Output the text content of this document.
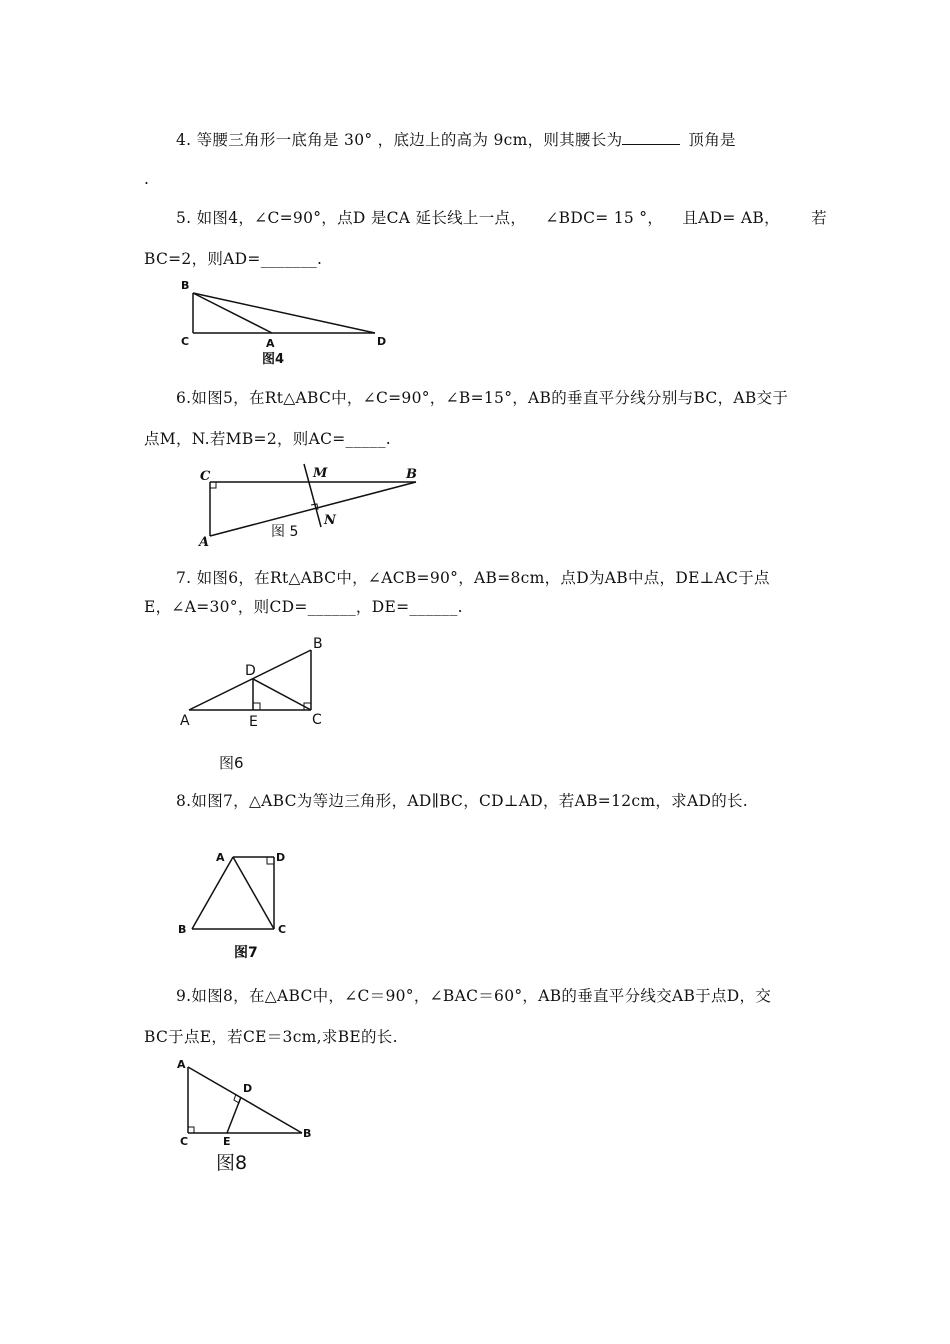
4. 等腰三角形一底角是 30° ，底边上的高为 9cm，则其腰长为	顶角是
.
5. 如图4，∠C=90°，点D 是CA 延长线上一点， ∠BDC= 15 °， 且AD= AB， 若
BC=2，则AD=_______.
B
C	A	D
图4
6.如图5，在Rt△ABC中，∠C=90°，∠B=15°，AB的垂直平分线分别与BC，AB交于
点M，N.若MB=2，则AC=_____.
C	M	B
N
A
图 5
7. 如图6，在Rt△ABC中，∠ACB=90°，AB=8cm，点D为AB中点，DE⊥AC于点
E，∠A=30°，则CD=______，DE=______.
B
D
A	E	C
图6
8.如图7，△ABC为等边三角形，AD∥BC，CD⊥AD，若AB=12cm，求AD的长.
A	D
B	C
图7
9.如图8，在△ABC中，∠C＝90°，∠BAC＝60°，AB的垂直平分线交AB于点D，交
BC于点E，若CE＝3cm,求BE的长.
A
D
C	E
B
图8
